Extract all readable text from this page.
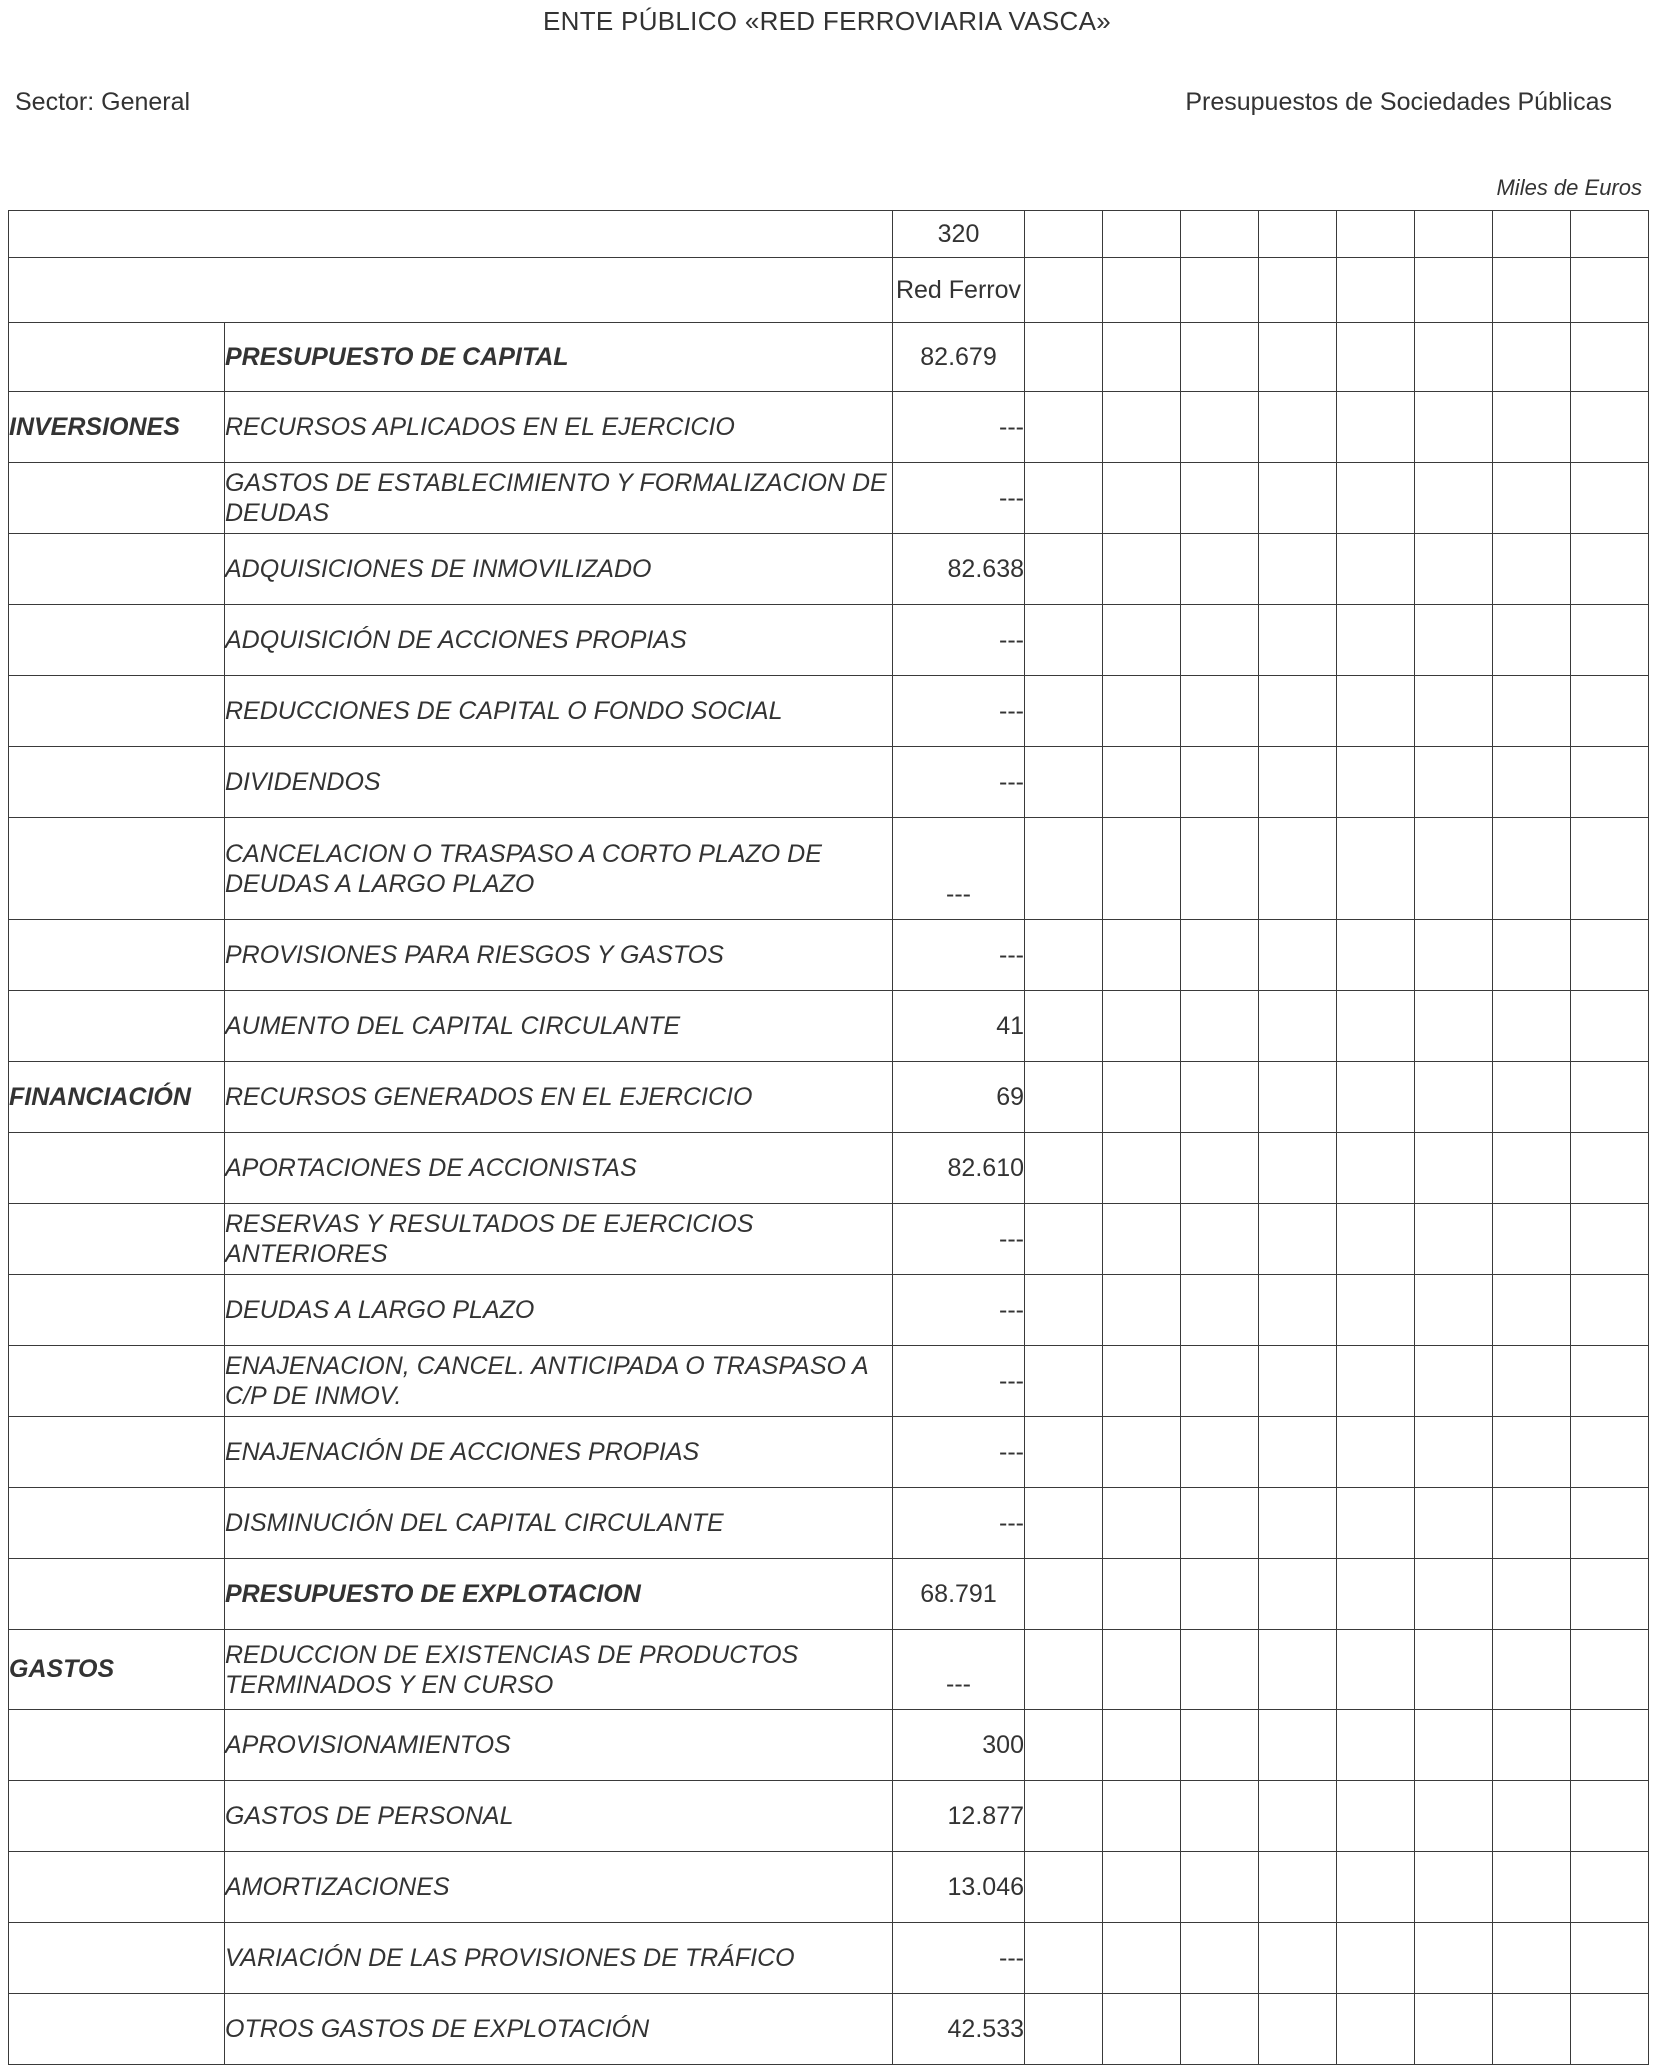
ENTE PÚBLICO «RED FERROVIARIA VASCA»
Sector: General	Presupuestos de Sociedades Públicas
Miles de Euros
		320								
		Red Ferrov								
	PRESUPUESTO DE CAPITAL	82.679								
INVERSIONES	RECURSOS APLICADOS EN EL EJERCICIO	---								
	GASTOS DE ESTABLECIMIENTO Y FORMALIZACION DE DEUDAS	---								
	ADQUISICIONES DE INMOVILIZADO	82.638								
	ADQUISICIÓN DE ACCIONES PROPIAS	---								
	REDUCCIONES DE CAPITAL O FONDO SOCIAL	---								
	DIVIDENDOS	---								
	CANCELACION O TRASPASO A CORTO PLAZO DE DEUDAS A LARGO PLAZO	---								
	PROVISIONES PARA RIESGOS Y GASTOS	---								
	AUMENTO DEL CAPITAL CIRCULANTE	41								
FINANCIACIÓN	RECURSOS GENERADOS EN EL EJERCICIO	69								
	APORTACIONES DE ACCIONISTAS	82.610								
	RESERVAS Y RESULTADOS DE EJERCICIOS ANTERIORES	---								
	DEUDAS A LARGO PLAZO	---								
	ENAJENACION, CANCEL. ANTICIPADA O TRASPASO A C/P DE INMOV.	---								
	ENAJENACIÓN DE ACCIONES PROPIAS	---								
	DISMINUCIÓN DEL CAPITAL CIRCULANTE	---								
	PRESUPUESTO DE EXPLOTACION	68.791								
GASTOS	REDUCCION DE EXISTENCIAS DE PRODUCTOS TERMINADOS Y EN CURSO	---								
	APROVISIONAMIENTOS	300								
	GASTOS DE PERSONAL	12.877								
	AMORTIZACIONES	13.046								
	VARIACIÓN DE LAS PROVISIONES DE TRÁFICO	---								
	OTROS GASTOS DE EXPLOTACIÓN	42.533								
